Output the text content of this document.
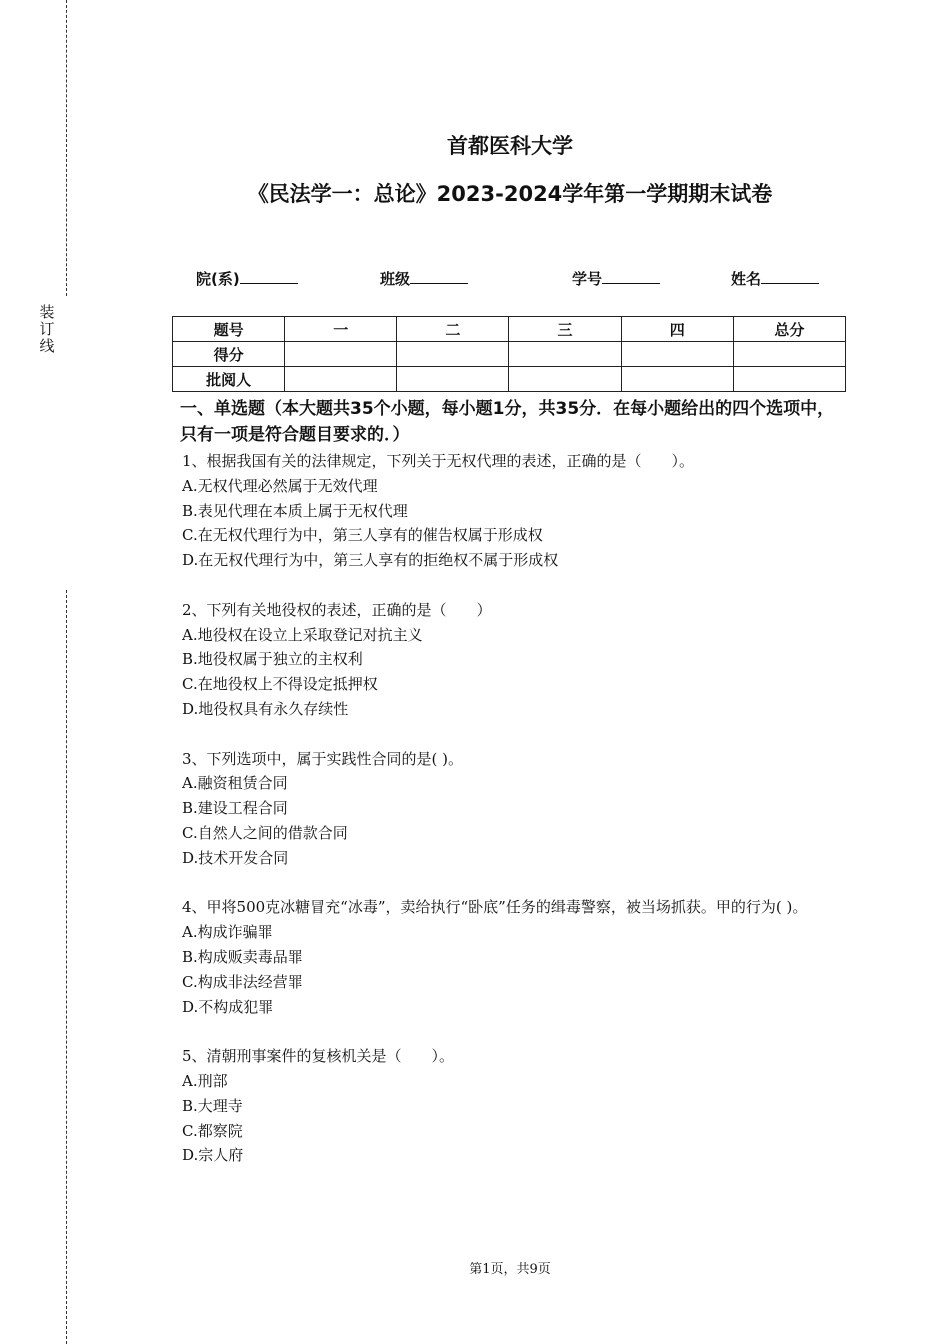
装订线
首都医科大学
《民法学一：总论》2023-2024学年第一学期期末试卷
院(系)	班级	学号	姓名
题号	一	二	三	四	总分
得分					
批阅人					
一、单选题（本大题共35个小题，每小题1分，共35分．在每小题给出的四个选项中，只有一项是符合题目要求的．）
1、根据我国有关的法律规定，下列关于无权代理的表述，正确的是（　　）。
A.无权代理必然属于无效代理
B.表见代理在本质上属于无权代理
C.在无权代理行为中，第三人享有的催告权属于形成权
D.在无权代理行为中，第三人享有的拒绝权不属于形成权
2、下列有关地役权的表述，正确的是（　　）
A.地役权在设立上采取登记对抗主义
B.地役权属于独立的主权利
C.在地役权上不得设定抵押权
D.地役权具有永久存续性
3、下列选项中，属于实践性合同的是( )。
A.融资租赁合同
B.建设工程合同
C.自然人之间的借款合同
D.技术开发合同
4、甲将500克冰糖冒充“冰毒”，卖给执行“卧底”任务的缉毒警察，被当场抓获。甲的行为( )。
A.构成诈骗罪
B.构成贩卖毒品罪
C.构成非法经营罪
D.不构成犯罪
5、清朝刑事案件的复核机关是（　　）。
A.刑部
B.大理寺
C.都察院
D.宗人府
第1页，共9页
